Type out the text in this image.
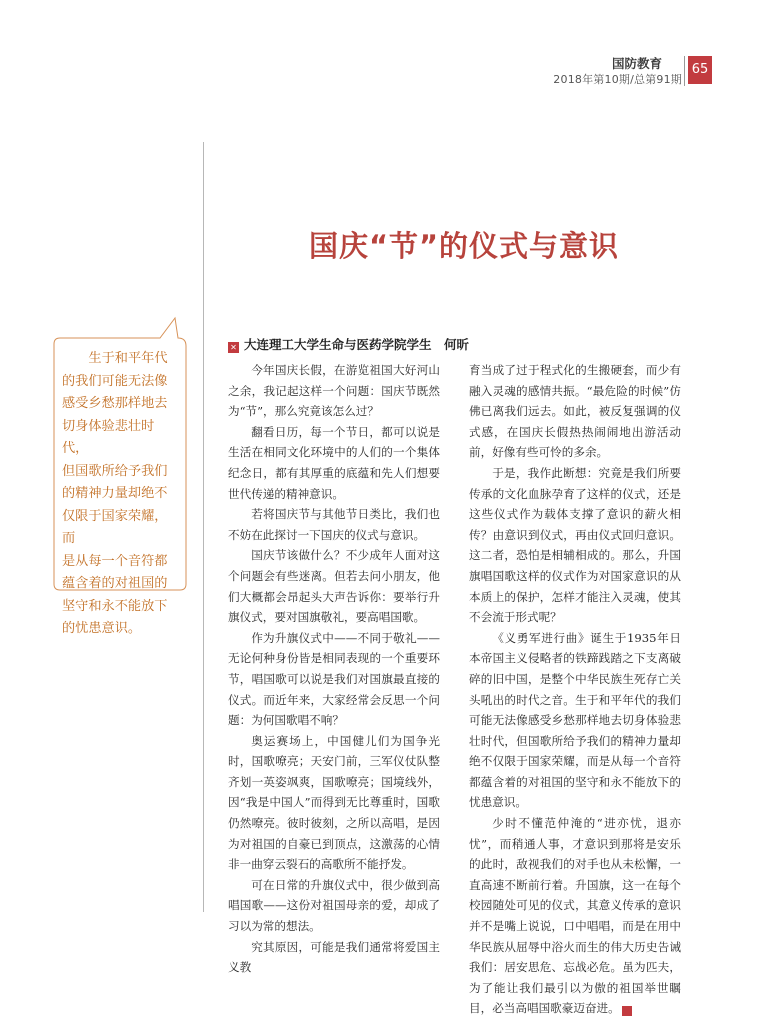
国防教育
2018年第10期/总第91期
65
国庆“节”的仪式与意识
✕ 大连理工大学生命与医药学院学生　何昕
生于和平年代
的我们可能无法像
感受乡愁那样地去
切身体验悲壮时代，
但国歌所给予我们
的精神力量却绝不
仅限于国家荣耀，而
是从每一个音符都
蕴含着的对祖国的
坚守和永不能放下
的忧患意识。

今年国庆长假，在游览祖国大好河山之余，我记起这样一个问题：国庆节既然为“节”，那么究竟该怎么过？

翻看日历，每一个节日，都可以说是生活在相同文化环境中的人们的一个集体纪念日，都有其厚重的底蕴和先人们想要世代传递的精神意识。

若将国庆节与其他节日类比，我们也不妨在此探讨一下国庆的仪式与意识。

国庆节该做什么？不少成年人面对这个问题会有些迷离。但若去问小朋友，他们大概都会昂起头大声告诉你：要举行升旗仪式，要对国旗敬礼，要高唱国歌。

作为升旗仪式中——不同于敬礼——无论何种身份皆是相同表现的一个重要环节，唱国歌可以说是我们对国旗最直接的仪式。而近年来，大家经常会反思一个问题：为何国歌唱不响？

奥运赛场上，中国健儿们为国争光时，国歌嘹亮；天安门前，三军仪仗队整齐划一英姿飒爽，国歌嘹亮；国境线外，因“我是中国人”而得到无比尊重时，国歌仍然嘹亮。彼时彼刻，之所以高唱，是因为对祖国的自豪已到顶点，这激荡的心情非一曲穿云裂石的高歌所不能抒发。

可在日常的升旗仪式中，很少做到高唱国歌——这份对祖国母亲的爱，却成了习以为常的想法。

究其原因，可能是我们通常将爱国主义教

育当成了过于程式化的生搬硬套，而少有融入灵魂的感情共振。“最危险的时候”仿佛已离我们远去。如此，被反复强调的仪式感，在国庆长假热热闹闹地出游活动前，好像有些可怜的多余。

于是，我作此断想：究竟是我们所要传承的文化血脉孕育了这样的仪式，还是这些仪式作为载体支撑了意识的薪火相传？由意识到仪式，再由仪式回归意识。这二者，恐怕是相辅相成的。那么，升国旗唱国歌这样的仪式作为对国家意识的从本质上的保护，怎样才能注入灵魂，使其不会流于形式呢？

《义勇军进行曲》诞生于1935年日本帝国主义侵略者的铁蹄践踏之下支离破碎的旧中国，是整个中华民族生死存亡关头吼出的时代之音。生于和平年代的我们可能无法像感受乡愁那样地去切身体验悲壮时代，但国歌所给予我们的精神力量却绝不仅限于国家荣耀，而是从每一个音符都蕴含着的对祖国的坚守和永不能放下的忧患意识。

少时不懂范仲淹的“进亦忧，退亦忧”，而稍通人事，才意识到那将是安乐的此时，敌视我们的对手也从未松懈，一直高速不断前行着。升国旗，这一在每个校园随处可见的仪式，其意义传承的意识并不是嘴上说说，口中唱唱，而是在用中华民族从屈辱中浴火而生的伟大历史告诫我们：居安思危、忘战必危。虽为匹夫，为了能让我们最引以为傲的祖国举世瞩目，必当高唱国歌豪迈奋进。	G
